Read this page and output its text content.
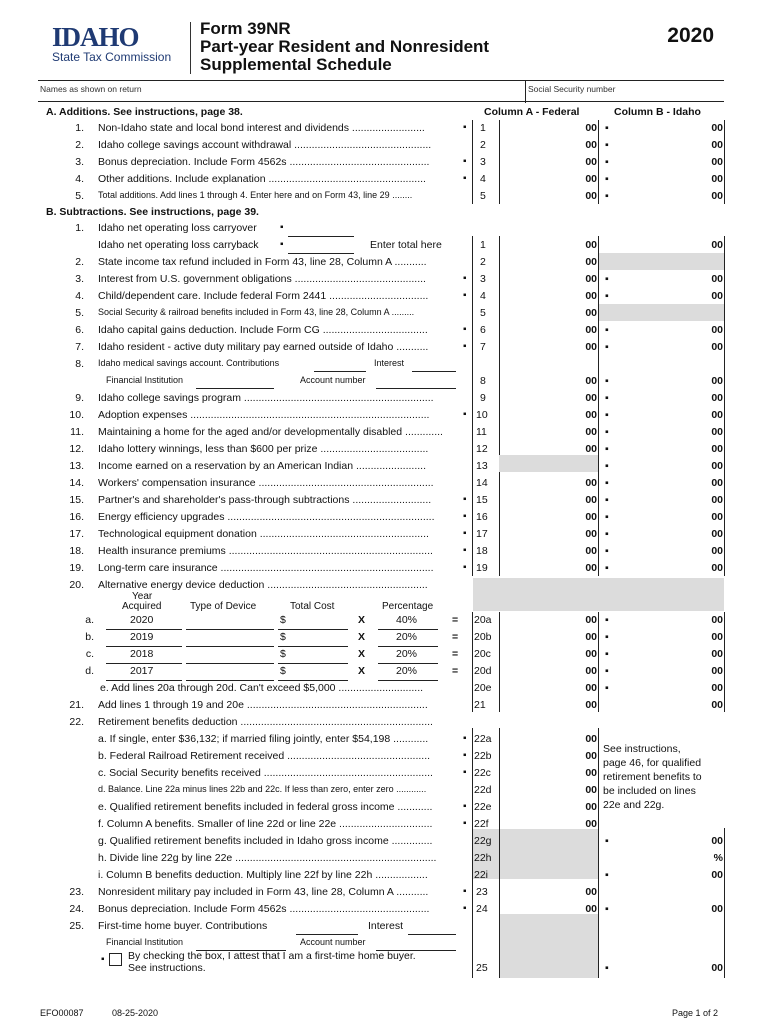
IDAHO
State Tax Commission
Form 39NR
Part-year Resident and Nonresident
Supplemental Schedule
2020
Names as shown on return	Social Security number
Column A - Federal	Column B - Idaho
A. Additions. See instructions, page 38.
1. Non-Idaho state and local bond interest and dividends .........................	▪ 1	00 ▪	00
2. Idaho college savings account withdrawal ...............................................	2	00 ▪	00
3. Bonus depreciation. Include Form 4562s ................................................	▪ 3	00 ▪	00
4. Other additions. Include explanation ......................................................	▪ 4	00 ▪	00
5. Total additions. Add lines 1 through 4. Enter here and on Form 43, line 29 ........	5	00 ▪	00
B. Subtractions. See instructions, page 39.
1. Idaho net operating loss carryover	▪
Idaho net operating loss carryback	▪	Enter total here	1	00	00
2. State income tax refund included in Form 43, line 28, Column A ...........	2	00
3. Interest from U.S. government obligations .............................................	▪ 3	00 ▪	00
4. Child/dependent care. Include federal Form 2441 ..................................	▪ 4	00 ▪	00
5. Social Security & railroad benefits included in Form 43, line 28, Column A .........	5	00
6. Idaho capital gains deduction. Include Form CG ....................................	▪ 6	00 ▪	00
7. Idaho resident - active duty military pay earned outside of Idaho ...........	▪ 7	00 ▪	00
8. Idaho medical savings account. Contributions	Interest
Financial Institution	Account number	8	00 ▪	00
9. Idaho college savings program .................................................................	9	00 ▪	00
10. Adoption expenses ..................................................................................	▪ 10	00 ▪	00
11. Maintaining a home for the aged and/or developmentally disabled .............	11	00 ▪	00
12. Idaho lottery winnings, less than $600 per prize .....................................	12	00 ▪	00
13. Income earned on a reservation by an American Indian ........................	13	▪	00
14. Workers' compensation insurance ............................................................	14	00 ▪	00
15. Partner's and shareholder's pass-through subtractions ...........................	▪ 15	00 ▪	00
16. Energy efficiency upgrades .......................................................................	▪ 16	00 ▪	00
17. Technological equipment donation ..........................................................	▪ 17	00 ▪	00
18. Health insurance premiums ......................................................................	▪ 18	00 ▪	00
19. Long-term care insurance .........................................................................	▪ 19	00 ▪	00
20. Alternative energy device deduction .......................................................
Year
Acquired	Type of Device	Total Cost	Percentage
a.	2020	$	X	40%	=	20a	00 ▪	00
b.	2019	$	X	20%	=	20b	00 ▪	00
c.	2018	$	X	20%	=	20c	00 ▪	00
d.	2017	$	X	20%	=	20d	00 ▪	00
e. Add lines 20a through 20d. Can't exceed $5,000 .............................	20e	00 ▪	00
21. Add lines 1 through 19 and 20e ..............................................................	21	00	00
22. Retirement benefits deduction ..................................................................
a. If single, enter $36,132; if married filing jointly, enter $54,198 ............	▪ 22a	00
b. Federal Railroad Retirement received .................................................	▪ 22b	00
c. Social Security benefits received ..........................................................	▪ 22c	00
d. Balance. Line 22a minus lines 22b and 22c. If less than zero, enter zero ............	22d	00
e. Qualified retirement benefits included in federal gross income ............	▪ 22e	00
f. Column A benefits. Smaller of line 22d or line 22e ................................	▪ 22f	00
g. Qualified retirement benefits included in Idaho gross income ..............	22g	▪	00
h. Divide line 22g by line 22e .....................................................................	22h	%
i. Column B benefits deduction. Multiply line 22f by line 22h ..................	22i	▪	00
See instructions,
page 46, for qualified
retirement benefits to
be included on lines
22e and 22g.
23. Nonresident military pay included in Form 43, line 28, Column A ...........	▪ 23	00
24. Bonus depreciation. Include Form 4562s ................................................	▪ 24	00 ▪	00
25. First-time home buyer. Contributions	Interest
Financial Institution	Account number
▪ By checking the box, I attest that I am a first-time home buyer.
See instructions.	25	▪	00
EFO00087	08-25-2020	Page 1 of 2
